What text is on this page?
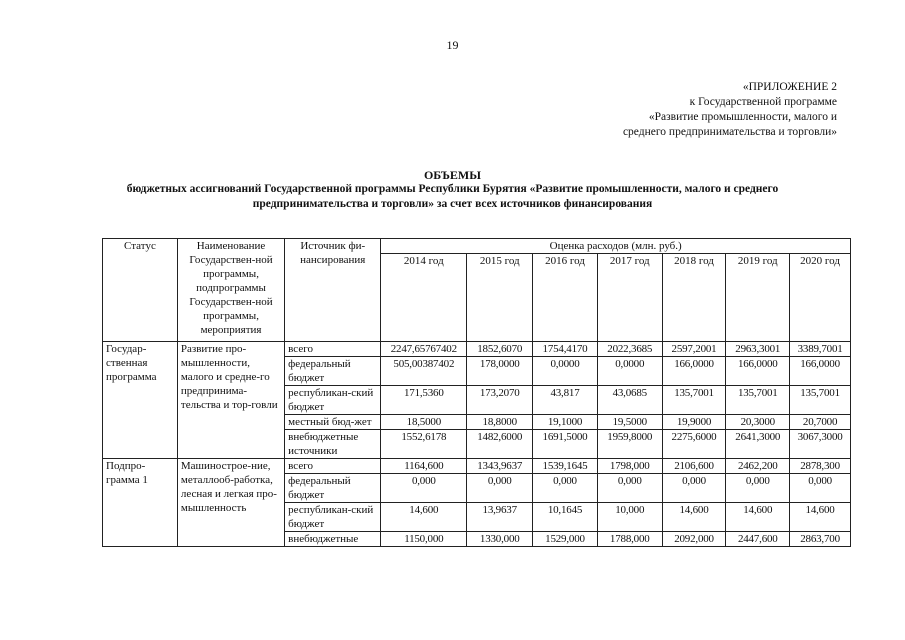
19
«ПРИЛОЖЕНИЕ 2
к Государственной программе
«Развитие промышленности, малого и
среднего предпринимательства и торговли»
ОБЪЕМЫ
бюджетных ассигнований Государственной программы Республики Бурятия «Развитие промышленности, малого и среднего предпринимательства и торговли» за счет всех источников финансирования
Статус	Наименование Государствен-ной программы, подпрограммы Государствен-ной программы, мероприятия	Источник фи-нансирования	Оценка расходов (млн. руб.)						
			2014 год	2015 год	2016 год	2017 год	2018 год	2019 год	2020 год
Государ-ственная программа	Развитие про-мышленности, малого и средне-го предпринима-тельства и тор-говли	всего	2247,65767402	1852,6070	1754,4170	2022,3685	2597,2001	2963,3001	3389,7001
		федеральный бюджет	505,00387402	178,0000	0,0000	0,0000	166,0000	166,0000	166,0000
		республикан-ский бюджет	171,5360	173,2070	43,817	43,0685	135,7001	135,7001	135,7001
		местный бюд-жет	18,5000	18,8000	19,1000	19,5000	19,9000	20,3000	20,7000
		внебюджетные источники	1552,6178	1482,6000	1691,5000	1959,8000	2275,6000	2641,3000	3067,3000
Подпро-грамма 1	Машинострое-ние, металлооб-работка, лесная и легкая про-мышленность	всего	1164,600	1343,9637	1539,1645	1798,000	2106,600	2462,200	2878,300
		федеральный бюджет	0,000	0,000	0,000	0,000	0,000	0,000	0,000
		республикан-ский бюджет	14,600	13,9637	10,1645	10,000	14,600	14,600	14,600
		внебюджетные	1150,000	1330,000	1529,000	1788,000	2092,000	2447,600	2863,700
